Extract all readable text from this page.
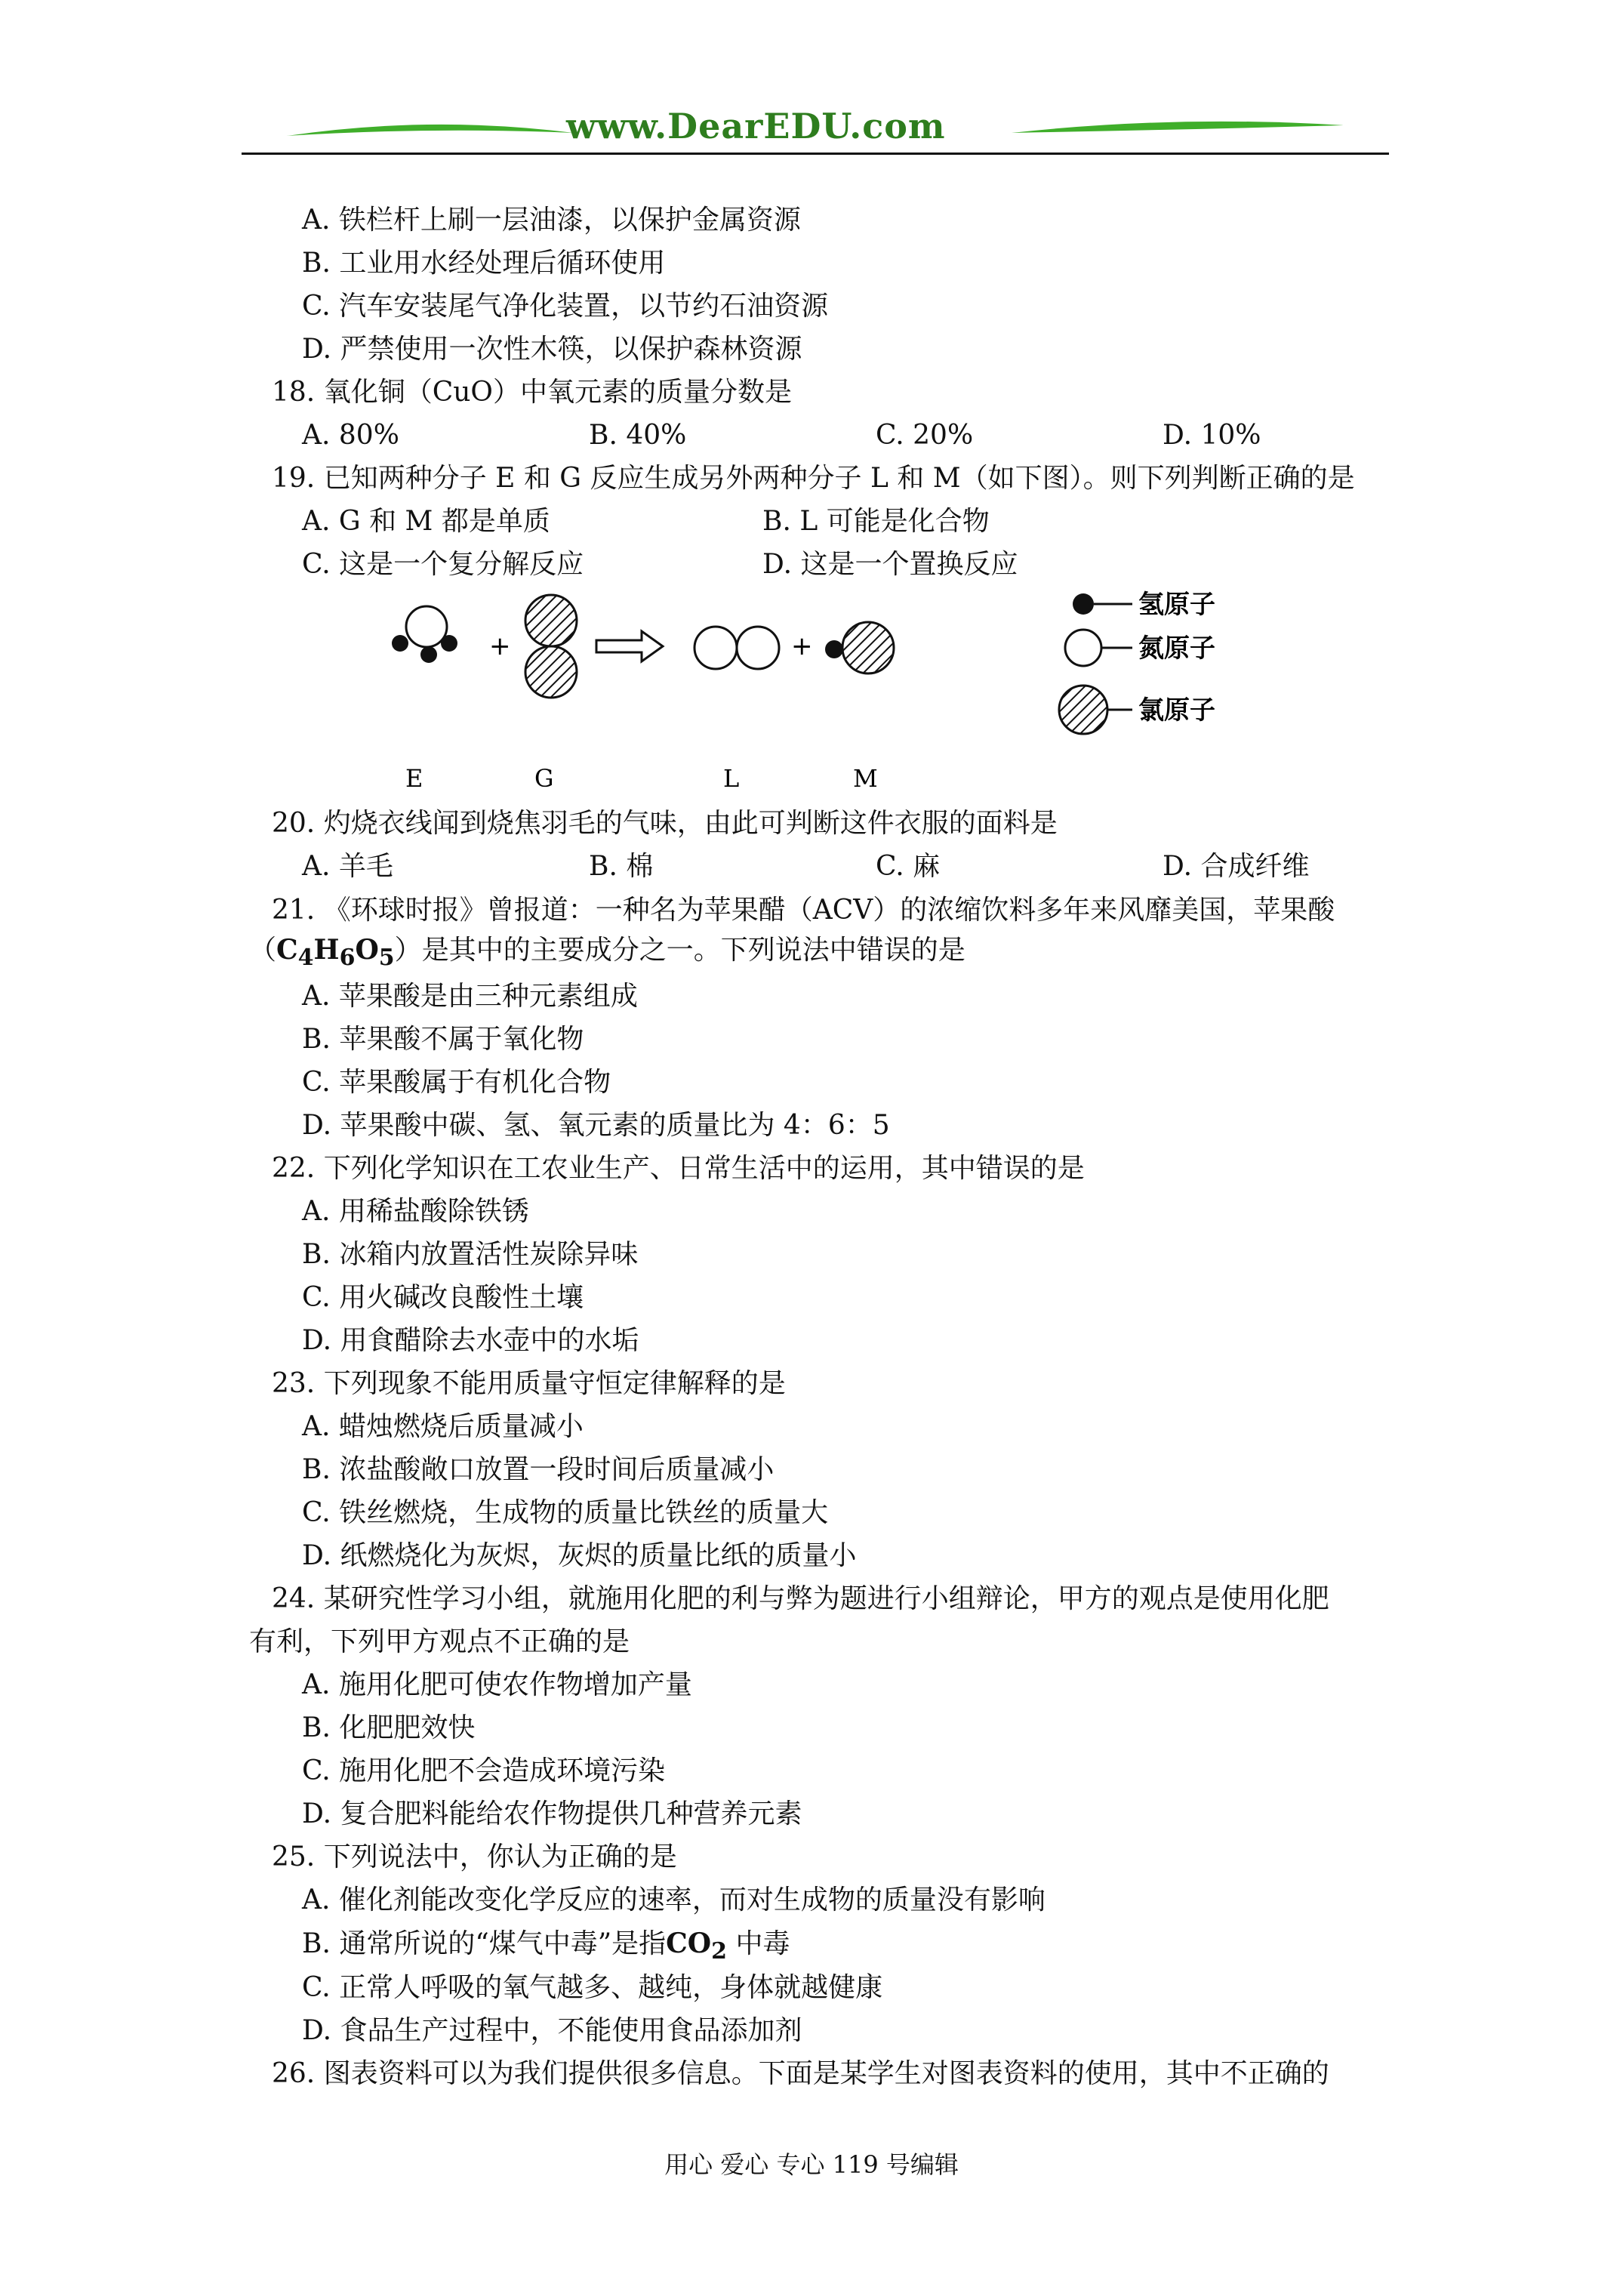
www.DearEDU.com
A. 铁栏杆上刷一层油漆，以保护金属资源
B. 工业用水经处理后循环使用
C. 汽车安装尾气净化装置，以节约石油资源
D. 严禁使用一次性木筷，以保护森林资源
18. 氧化铜（CuO）中氧元素的质量分数是
19. 已知两种分子 E 和 G 反应生成另外两种分子 L 和 M（如下图）。则下列判断正确的是
20. 灼烧衣线闻到烧焦羽毛的气味，由此可判断这件衣服的面料是
21. 《环球时报》曾报道：一种名为苹果醋（ACV）的浓缩饮料多年来风靡美国，苹果酸
A. 苹果酸是由三种元素组成
B. 苹果酸不属于氧化物
C. 苹果酸属于有机化合物
D. 苹果酸中碳、氢、氧元素的质量比为 4：6：5
22. 下列化学知识在工农业生产、日常生活中的运用，其中错误的是
A. 用稀盐酸除铁锈
B. 冰箱内放置活性炭除异味
C. 用火碱改良酸性土壤
D. 用食醋除去水壶中的水垢
23. 下列现象不能用质量守恒定律解释的是
A. 蜡烛燃烧后质量减小
B. 浓盐酸敞口放置一段时间后质量减小
C. 铁丝燃烧，生成物的质量比铁丝的质量大
D. 纸燃烧化为灰烬，灰烬的质量比纸的质量小
24. 某研究性学习小组，就施用化肥的利与弊为题进行小组辩论，甲方的观点是使用化肥
有利，下列甲方观点不正确的是
A. 施用化肥可使农作物增加产量
B. 化肥肥效快
C. 施用化肥不会造成环境污染
D. 复合肥料能给农作物提供几种营养元素
25. 下列说法中，你认为正确的是
A. 催化剂能改变化学反应的速率，而对生成物的质量没有影响
C. 正常人呼吸的氧气越多、越纯，身体就越健康
D. 食品生产过程中，不能使用食品添加剂
26. 图表资料可以为我们提供很多信息。下面是某学生对图表资料的使用，其中不正确的
A. 80%	B. 40%	C. 20%	D. 10%
A. G 和 M 都是单质	B. L 可能是化合物
C. 这是一个复分解反应	D. 这是一个置换反应
+	+
氢原子
氮原子
氯原子
E	G	L	M
A. 羊毛	B. 棉	C. 麻	D. 合成纤维
$(C_4H_6O_5)$是其中的主要成分之一。下列说法中错误的是
B. 通常所说的“煤气中毒”是指$CO_2$ 中毒
用心 爱心 专心 119 号编辑
